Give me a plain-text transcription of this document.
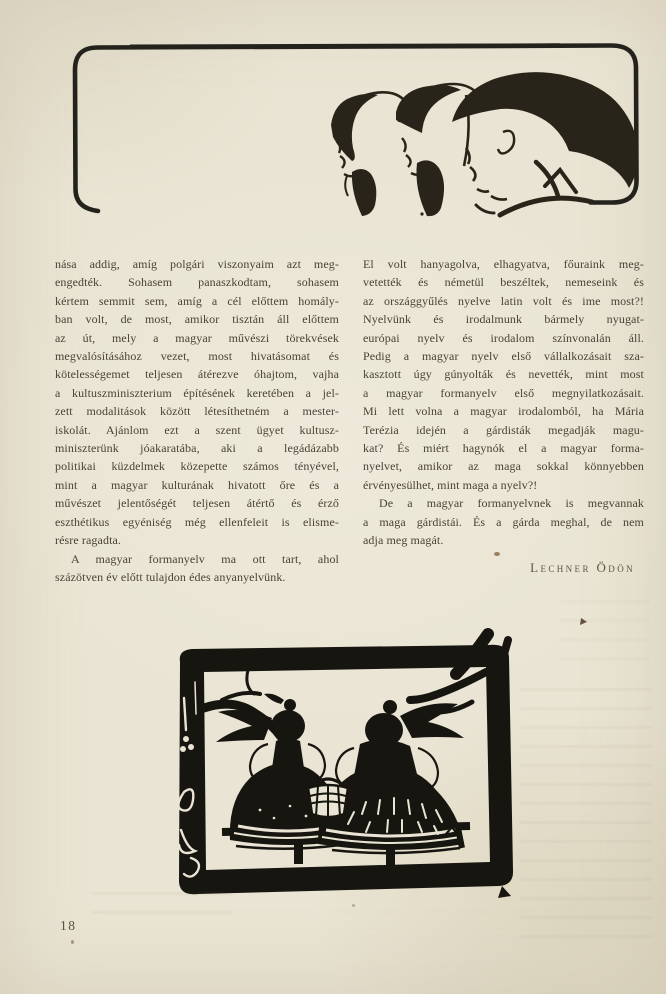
nása addig, amíg polgári viszonyaim azt meg-
engedték. Sohasem panaszkodtam, sohasem
kértem semmit sem, amíg a cél előttem homály-
ban volt, de most, amikor tisztán áll előttem
az út, mely a magyar művészi törekvések
megvalósításához vezet, most hivatásomat és
kötelességemet teljesen átérezve óhajtom, vajha
a kultuszminiszterium építésének keretében a jel-
zett modalitások között létesíthetném a mester-
iskolát. Ajánlom ezt a szent ügyet kultusz-
miniszterünk jóakaratába, aki a legádázabb
politikai küzdelmek közepette számos tényével,
mint a magyar kulturának hivatott őre és a
művészet jelentőségét teljesen átértő és érző
eszthétikus egyéniség még ellenfeleit is elisme-
résre ragadta.
A magyar formanyelv ma ott tart, ahol
százötven év előtt tulajdon édes anyanyelvünk.
El volt hanyagolva, elhagyatva, főuraink meg-
vetették és németül beszéltek, nemeseink és
az országgyűlés nyelve latin volt és ime most?!
Nyelvünk és irodalmunk bármely nyugat-
európai nyelv és irodalom színvonalán áll.
Pedig a magyar nyelv első vállalkozásait sza-
kasztott úgy gúnyolták és nevették, mint most
a magyar formanyelv első megnyilatkozásait.
Mi lett volna a magyar irodalomból, ha Mária
Terézia idején a gárdisták megadják magu-
kat? És miért hagynók el a magyar forma-
nyelvet, amikor az maga sokkal könnyebben
érvényesülhet, mint maga a nyelv?!
De a magyar formanyelvnek is megvannak
a maga gárdistái. És a gárda meghal, de nem
adja meg magát.
Lechner Ödön
18
